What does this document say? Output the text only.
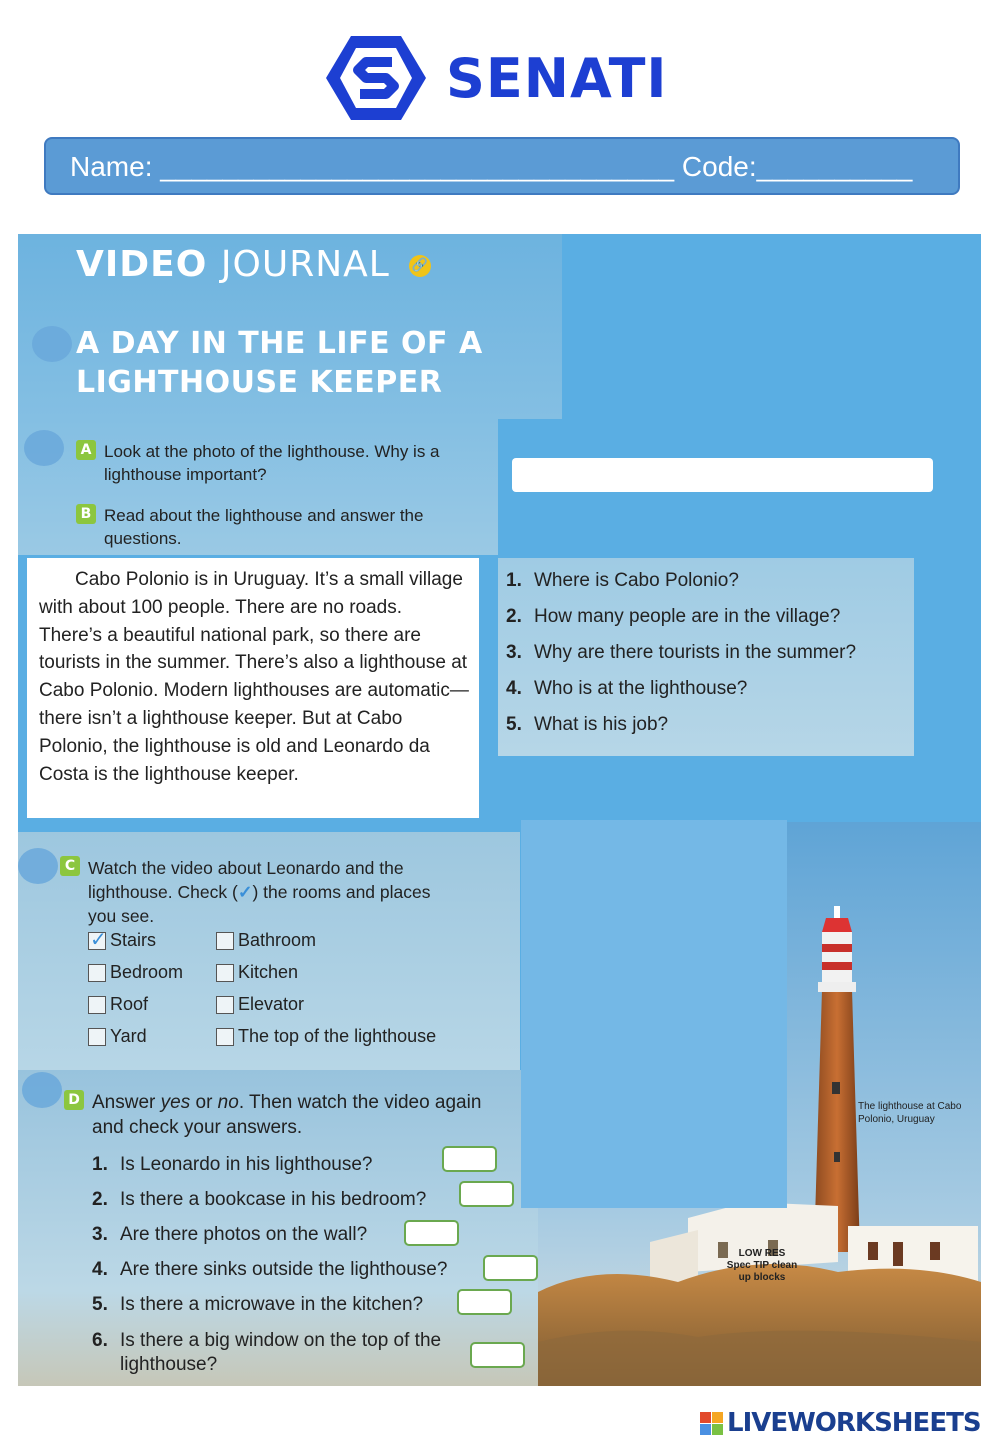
SENATI
Name: _________________________________ Code:__________
VIDEO JOURNAL 🔗
A DAY IN THE LIFE OF A
LIGHTHOUSE KEEPER
A Look at the photo of the lighthouse. Why is a
lighthouse important?
B Read about the lighthouse and answer the
questions.
Cabo Polonio is in Uruguay. It’s a small village with about 100 people. There are no roads. There’s a beautiful national park, so there are tourists in the summer. There’s also a lighthouse at Cabo Polonio. Modern lighthouses are automatic—there isn’t a lighthouse keeper. But at Cabo Polonio, the lighthouse is old and Leonardo da Costa is the lighthouse keeper.
1. Where is Cabo Polonio?
2. How many people are in the village?
3. Why are there tourists in the summer?
4. Who is at the lighthouse?
5. What is his job?
C Watch the video about Leonardo and the
lighthouse. Check (✓) the rooms and places
you see.
✓ Stairs	Bathroom
Bedroom	Kitchen
Roof	Elevator
Yard	The top of the lighthouse
D Answer yes or no. Then watch the video again
and check your answers.
1. Is Leonardo in his lighthouse?
2. Is there a bookcase in his bedroom?
3. Are there photos on the wall?
4. Are there sinks outside the lighthouse?
5. Is there a microwave in the kitchen?
6. Is there a big window on the top of the
lighthouse?
The lighthouse at Cabo
Polonio, Uruguay
LOW RES
Spec TIP clean
up blocks
LIVEWORKSHEETS
